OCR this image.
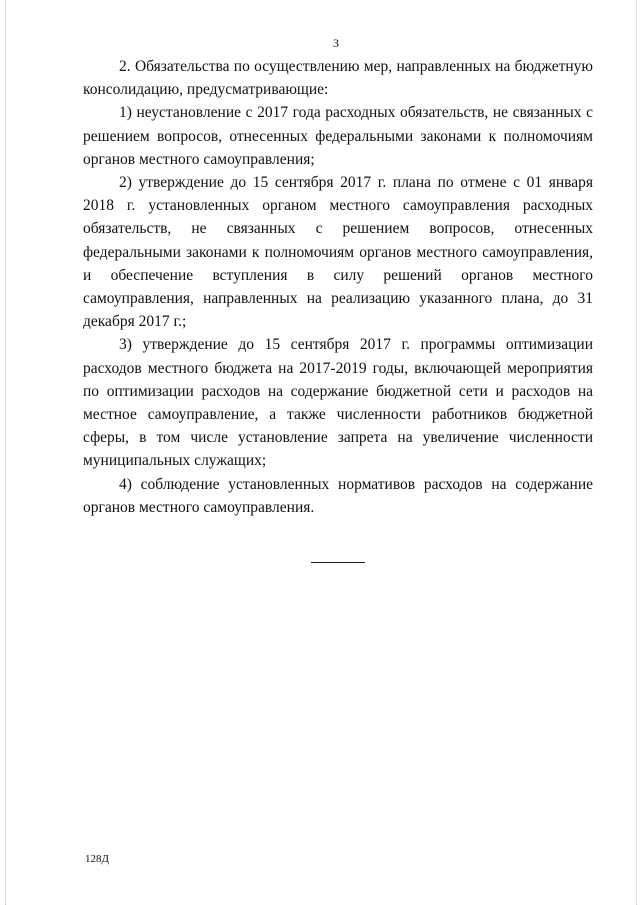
3

2. Обязательства по осуществлению мер, направленных на бюджетную консолидацию, предусматривающие:

1) неустановление с 2017 года расходных обязательств, не связанных с решением вопросов, отнесенных федеральными законами к полномочиям органов местного самоуправления;

2) утверждение до 15 сентября 2017 г. плана по отмене с 01 января 2018 г. установленных органом местного самоуправления расходных обязательств, не связанных с решением вопросов, отнесенных федеральными законами к полномочиям органов местного самоуправления, и обеспечение вступления в силу решений органов местного самоуправления, направленных на реализацию указанного плана, до 31 декабря 2017 г.;

3) утверждение до 15 сентября 2017 г. программы оптимизации расходов местного бюджета на 2017-2019 годы, включающей мероприятия по оптимизации расходов на содержание бюджетной сети и расходов на местное самоуправление, а также численности работников бюджетной сферы, в том числе установление запрета на увеличение численности муниципальных служащих;

4) соблюдение установленных нормативов расходов на содержание органов местного самоуправления.

128Д
